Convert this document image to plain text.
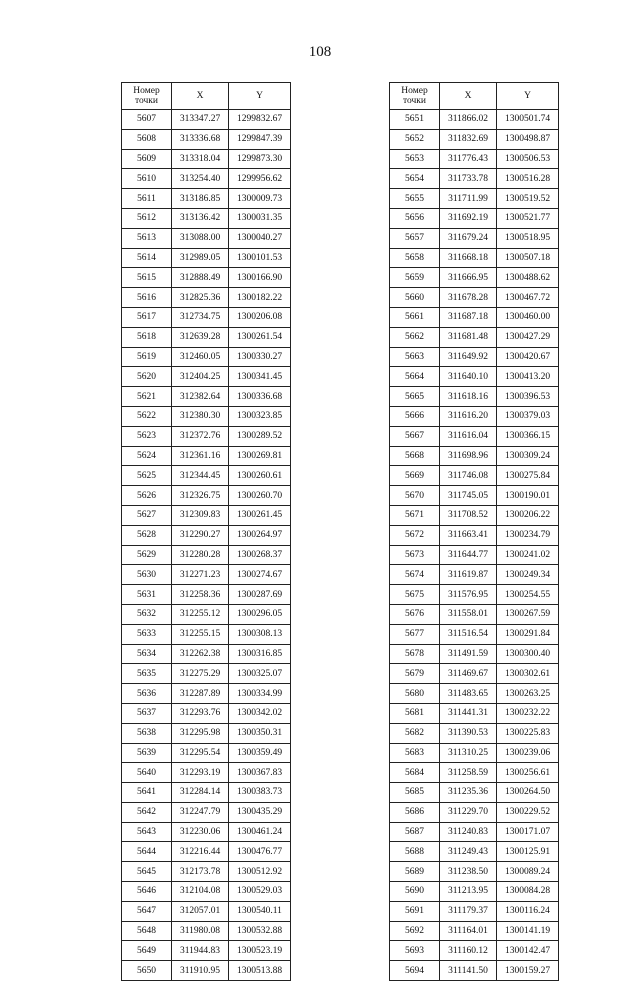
108
Номер
точки	X	Y
5607	313347.27	1299832.67
5608	313336.68	1299847.39
5609	313318.04	1299873.30
5610	313254.40	1299956.62
5611	313186.85	1300009.73
5612	313136.42	1300031.35
5613	313088.00	1300040.27
5614	312989.05	1300101.53
5615	312888.49	1300166.90
5616	312825.36	1300182.22
5617	312734.75	1300206.08
5618	312639.28	1300261.54
5619	312460.05	1300330.27
5620	312404.25	1300341.45
5621	312382.64	1300336.68
5622	312380.30	1300323.85
5623	312372.76	1300289.52
5624	312361.16	1300269.81
5625	312344.45	1300260.61
5626	312326.75	1300260.70
5627	312309.83	1300261.45
5628	312290.27	1300264.97
5629	312280.28	1300268.37
5630	312271.23	1300274.67
5631	312258.36	1300287.69
5632	312255.12	1300296.05
5633	312255.15	1300308.13
5634	312262.38	1300316.85
5635	312275.29	1300325.07
5636	312287.89	1300334.99
5637	312293.76	1300342.02
5638	312295.98	1300350.31
5639	312295.54	1300359.49
5640	312293.19	1300367.83
5641	312284.14	1300383.73
5642	312247.79	1300435.29
5643	312230.06	1300461.24
5644	312216.44	1300476.77
5645	312173.78	1300512.92
5646	312104.08	1300529.03
5647	312057.01	1300540.11
5648	311980.08	1300532.88
5649	311944.83	1300523.19
5650	311910.95	1300513.88
Номер
точки	X	Y
5651	311866.02	1300501.74
5652	311832.69	1300498.87
5653	311776.43	1300506.53
5654	311733.78	1300516.28
5655	311711.99	1300519.52
5656	311692.19	1300521.77
5657	311679.24	1300518.95
5658	311668.18	1300507.18
5659	311666.95	1300488.62
5660	311678.28	1300467.72
5661	311687.18	1300460.00
5662	311681.48	1300427.29
5663	311649.92	1300420.67
5664	311640.10	1300413.20
5665	311618.16	1300396.53
5666	311616.20	1300379.03
5667	311616.04	1300366.15
5668	311698.96	1300309.24
5669	311746.08	1300275.84
5670	311745.05	1300190.01
5671	311708.52	1300206.22
5672	311663.41	1300234.79
5673	311644.77	1300241.02
5674	311619.87	1300249.34
5675	311576.95	1300254.55
5676	311558.01	1300267.59
5677	311516.54	1300291.84
5678	311491.59	1300300.40
5679	311469.67	1300302.61
5680	311483.65	1300263.25
5681	311441.31	1300232.22
5682	311390.53	1300225.83
5683	311310.25	1300239.06
5684	311258.59	1300256.61
5685	311235.36	1300264.50
5686	311229.70	1300229.52
5687	311240.83	1300171.07
5688	311249.43	1300125.91
5689	311238.50	1300089.24
5690	311213.95	1300084.28
5691	311179.37	1300116.24
5692	311164.01	1300141.19
5693	311160.12	1300142.47
5694	311141.50	1300159.27
